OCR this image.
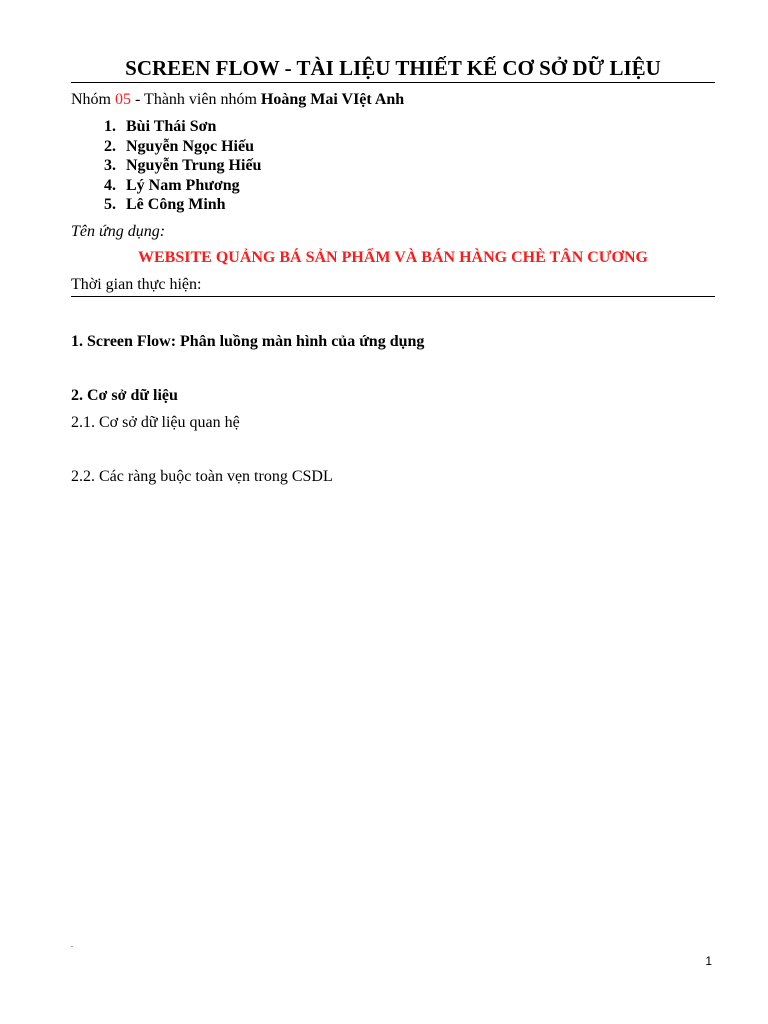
SCREEN FLOW - TÀI LIỆU THIẾT KẾ CƠ SỞ DỮ LIỆU
Nhóm 05 - Thành viên nhóm Hoàng Mai VIệt Anh
1. Bùi Thái Sơn
2. Nguyễn Ngọc Hiếu
3. Nguyễn Trung Hiếu
4. Lý Nam Phương
5. Lê Công Minh
Tên ứng dụng:
WEBSITE QUẢNG BÁ SẢN PHẨM VÀ BÁN HÀNG CHÈ TÂN CƯƠNG
Thời gian thực hiện:
1. Screen Flow: Phân luồng màn hình của ứng dụng
2. Cơ sở dữ liệu
2.1. Cơ sở dữ liệu quan hệ
2.2. Các ràng buộc toàn vẹn trong CSDL
.
1
